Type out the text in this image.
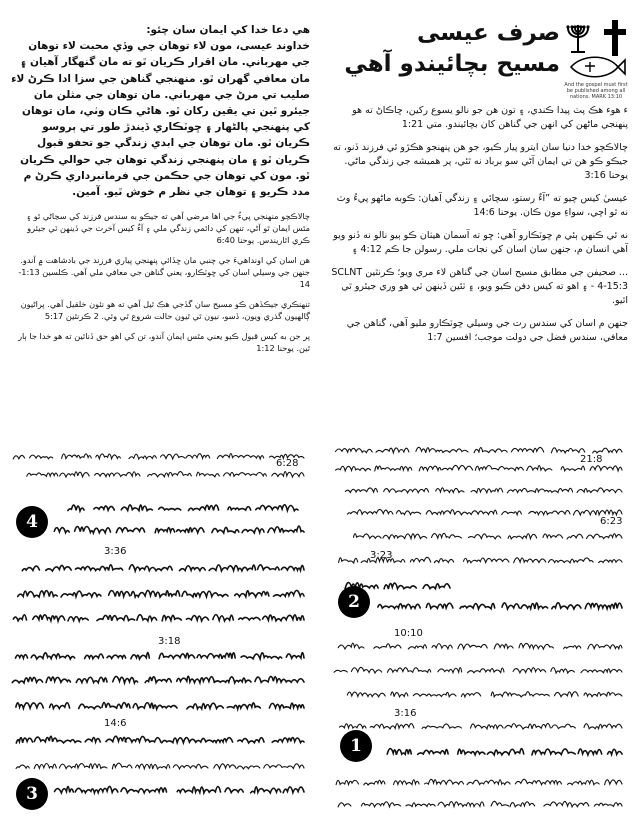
صرف عيسى
مسيح بچائيندو آهي
And the gospel must first be published among all nations. MARK 13:10

ء هوء هڪ پٽ پيدا ڪندي، ۽ تون هن جو نالو يسوع رکين، ڇاڪاڻ ته هو پنهنجي ماڻهن کي انهن جي گناهن کان بچائيندو. متي 1:21

چالاڪچو خدا دنيا سان ايترو پيار ڪيو، جو هن پنهنجو هڪڙو ئي فرزند ڏنو، ته جيڪو ڪو هن تي ايمان آڻي سو برباد نه ٿئي، پر هميشه جي زندگي ماڻي. يوحنا 3:16

عيسيٰ کيس چيو ته ”آءٌ رستو، سچائي ۽ زندگي آهيان: ڪوبه ماڻهو پيءُ وٽ نه ٿو اچي، سواءِ مون ڪان. يوحنا 14:6

نه ئي ڪنهن ٻئي م ڇوٽڪارو آهي: ڇو ته آسمان هيٺان ڪو ٻيو نالو نه ڏنو ويو آهي انسان م، جنهن سان اسان کي نجات ملي. رسولن جا ڪم 4:12 ۽

... صحيفن جي مطابق مسيح اسان جي گناهن لاء مري ويو؛ ڪرنٿين SCLNT 4-15:3 - ۽ اهو ته کيس دفن ڪيو ويو، ۽ ٽئين ڏينهن ٽي هو وري جيئرو ٿي اٿيو.

جنهن م اسان کي سندس رت جي وسيلي ڇوٽڪارو مليو آهي، گناهن جي معافي، سندس فضل جي دولت موجب؛ افسين 1:7

هي دعا خدا کي ايمان سان چئو:

خداوند عيسى، مون لاء توهان جي وڏي محبت لاء توهان جي مهرباني. مان اقرار ڪريان ٿو ته مان گنهگار آهيان ۽ مان معافي گهران ٿو. منهنجي گناهن جي سزا ادا ڪرڻ لاء صليب تي مرڻ جي مهرباني. مان توهان جي مثلن مان جيئرو ٿين تي يقين رکان ٿو. هاڻي ڪان وٺي، مان توهان کي پنهنجي پالڻهار ۽ ڇوٽڪاري ڏيندڙ طور تي ٻروسو ڪريان ٿو. مان توهان جي ابدي زندگي جو تحفو قبول ڪريان ٿو ۽ مان پنهنجي زندگي توهان جي حوالي ڪريان ٿو. مون کي توهان جي حڪمن جي فرمانبرداري ڪرڻ م مدد ڪريو ۽ توهان جي نظر م خوش ٿيو. آمين.

چالاڪچو منهنجي پيءُ جي اها مرضي آهي ته جيڪو به سندس فرزند کي سڃاڻي ٿو ۽ مٿس ايمان ٿو آڻي، تنهن کي دائمي زندگي ملي ۽ آءٌ کيس آخرت جي ڏينهن ٽي جيئرو ڪري اٿاريندس. يوحنا 6:40

هن اسان کي اونداهيءَ جي چنبي مان ڇڏائي پنهنجي پياري فرزند جي بادشاهت ۾ آندو. جنهن جي وسيلي اسان کي ڇوٽڪارو، يعني گناهن جي معافي ملي آهي. ڪلسين 1:13-14

تنهنڪري جيڪڏهن ڪو مسيح سان گڏجي هڪ ٿيل آهي ته هو نئون خلقيل آهي. پراڻيون ڳالهيون گذري ويون، ڏسو، نيون ٿي ٿيون حالت شروع ٿي وئي. 2 ڪرنٿين 5:17

پر جن به کيس قبول ڪيو يعني مٿس ايمان آندو، تن کي اهو حق ڏنائين ته هو خدا جا ٻار ٿين. يوحنا 1:12

6:28
3:36
3:18
14:6
4
3
21:8
6:23
3:23
10:10
3:16
2
1
